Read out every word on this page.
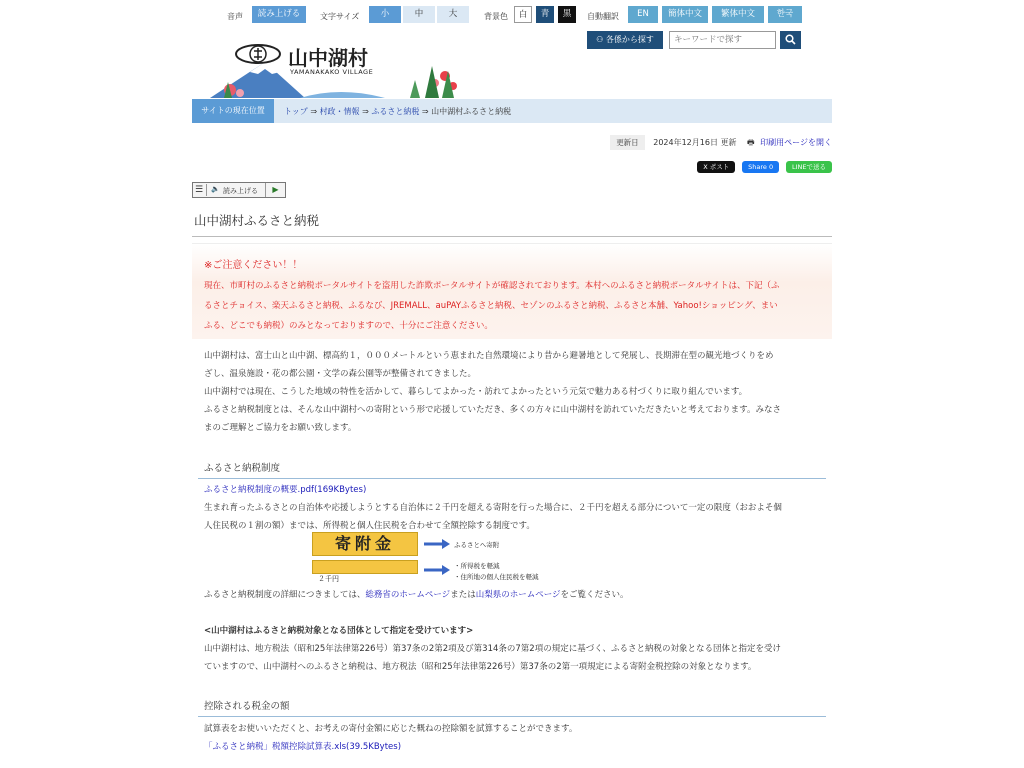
音声	読み上げる	文字サイズ	小	中	大	背景色	白	青	黒	自動翻訳	EN	簡体中文	繁体中文	한국
山中湖村
YAMANAKAKO VILLAGE
⚇ 各係から探す
キーワードで探す
サイトの現在位置	トップ ⇒ 村政・情報 ⇒ ふるさと納税 ⇒ 山中湖村ふるさと納税
更新日 2024年12月16日 更新 🖶 印刷用ページを開く
X ポスト	Share 0	LINEで送る
☰	🔈 読み上げる	▶
山中湖村ふるさと納税
※ご注意ください！！
現在、市町村のふるさと納税ポータルサイトを盗用した詐欺ポータルサイトが確認されております。本村へのふるさと納税ポータルサイトは、下記（ふ
るさとチョイス、楽天ふるさと納税、ふるなび、JREMALL、auPAYふるさと納税、セゾンのふるさと納税、ふるさと本舗、Yahoo!ショッピング、まい
ふる、どこでも納税）のみとなっておりますので、十分にご注意ください。
山中湖村は、富士山と山中湖、標高約１，０００メートルという恵まれた自然環境により昔から避暑地として発展し、長期滞在型の観光地づくりをめ
ざし、温泉施設・花の都公園・文学の森公園等が整備されてきました。
山中湖村では現在、こうした地域の特性を活かして、暮らしてよかった・訪れてよかったという元気で魅力ある村づくりに取り組んでいます。
ふるさと納税制度とは、そんな山中湖村への寄附という形で応援していただき、多くの方々に山中湖村を訪れていただきたいと考えております。みなさ
まのご理解とご協力をお願い致します。
ふるさと納税制度
ふるさと納税制度の概要.pdf(169KBytes)
生まれ育ったふるさとの自治体や応援しようとする自治体に２千円を超える寄附を行った場合に、２千円を超える部分について一定の限度（おおよそ個
人住民税の１割の額）までは、所得税と個人住民税を合わせて全額控除する制度です。
寄附金
２千円
ふるさとへ寄附
・所得税を軽減
・住所地の個人住民税を軽減
ふるさと納税制度の詳細につきましては、総務省のホームページまたは山梨県のホームページをご覧ください。
<山中湖村はふるさと納税対象となる団体として指定を受けています>
山中湖村は、地方税法（昭和25年法律第226号）第37条の2第2項及び第314条の7第2項の規定に基づく、ふるさと納税の対象となる団体と指定を受け
ていますので、山中湖村へのふるさと納税は、地方税法（昭和25年法律第226号）第37条の2第一項規定による寄附金税控除の対象となります。
控除される税金の額
試算表をお使いいただくと、お考えの寄付金額に応じた概ねの控除額を試算することができます。
「ふるさと納税」税額控除試算表.xls(39.5KBytes)
